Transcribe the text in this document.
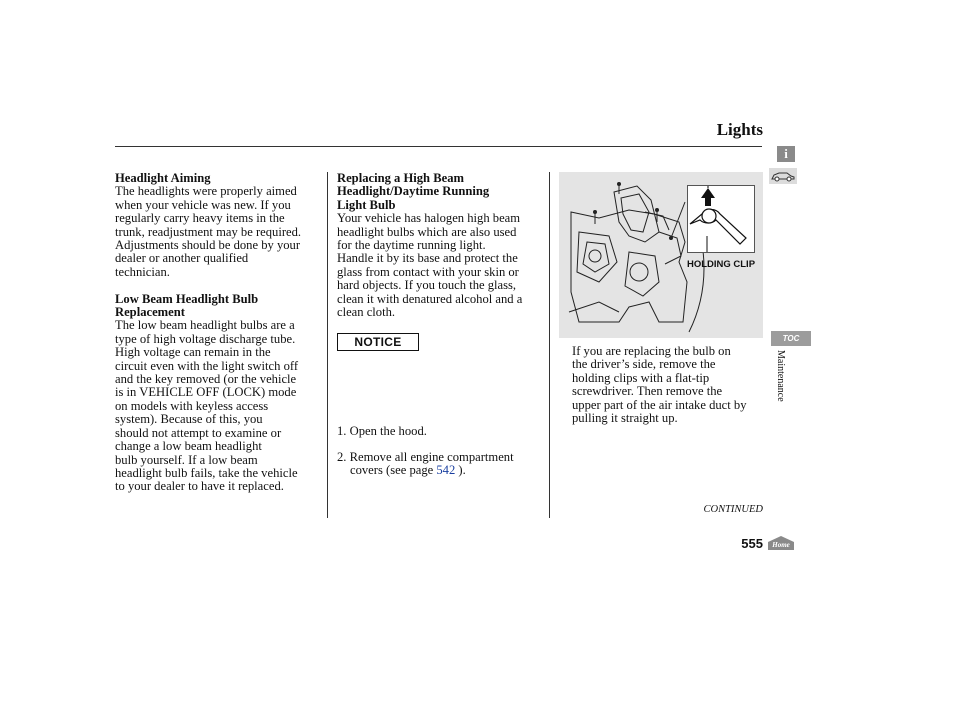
Lights

Headlight Aiming

The headlights were properly aimed

when your vehicle was new. If you

regularly carry heavy items in the

trunk, readjustment may be required.

Adjustments should be done by your

dealer or another qualified

technician.

Low Beam Headlight Bulb

Replacement

The low beam headlight bulbs are a

type of high voltage discharge tube.

High voltage can remain in the

circuit even with the light switch off

and the key removed (or the vehicle

is in VEHICLE OFF (LOCK) mode

on models with keyless access

system). Because of this, you

should not attempt to examine or

change a low beam headlight

bulb yourself. If a low beam

headlight bulb fails, take the vehicle

to your dealer to have it replaced.

Replacing a High Beam

Headlight/Daytime Running

Light Bulb

Your vehicle has halogen high beam

headlight bulbs which are also used

for the daytime running light.

Handle it by its base and protect the

glass from contact with your skin or

hard objects. If you touch the glass,

clean it with denatured alcohol and a

clean cloth.

NOTICE
1. Open the hood.
2. Remove all engine compartment
covers (see page 542 ).
HOLDING CLIP

If you are replacing the bulb on

the driver’s side, remove the

holding clips with a flat-tip

screwdriver. Then remove the

upper part of the air intake duct by

pulling it straight up.

i
TOC
Maintenance
CONTINUED
555 Home
